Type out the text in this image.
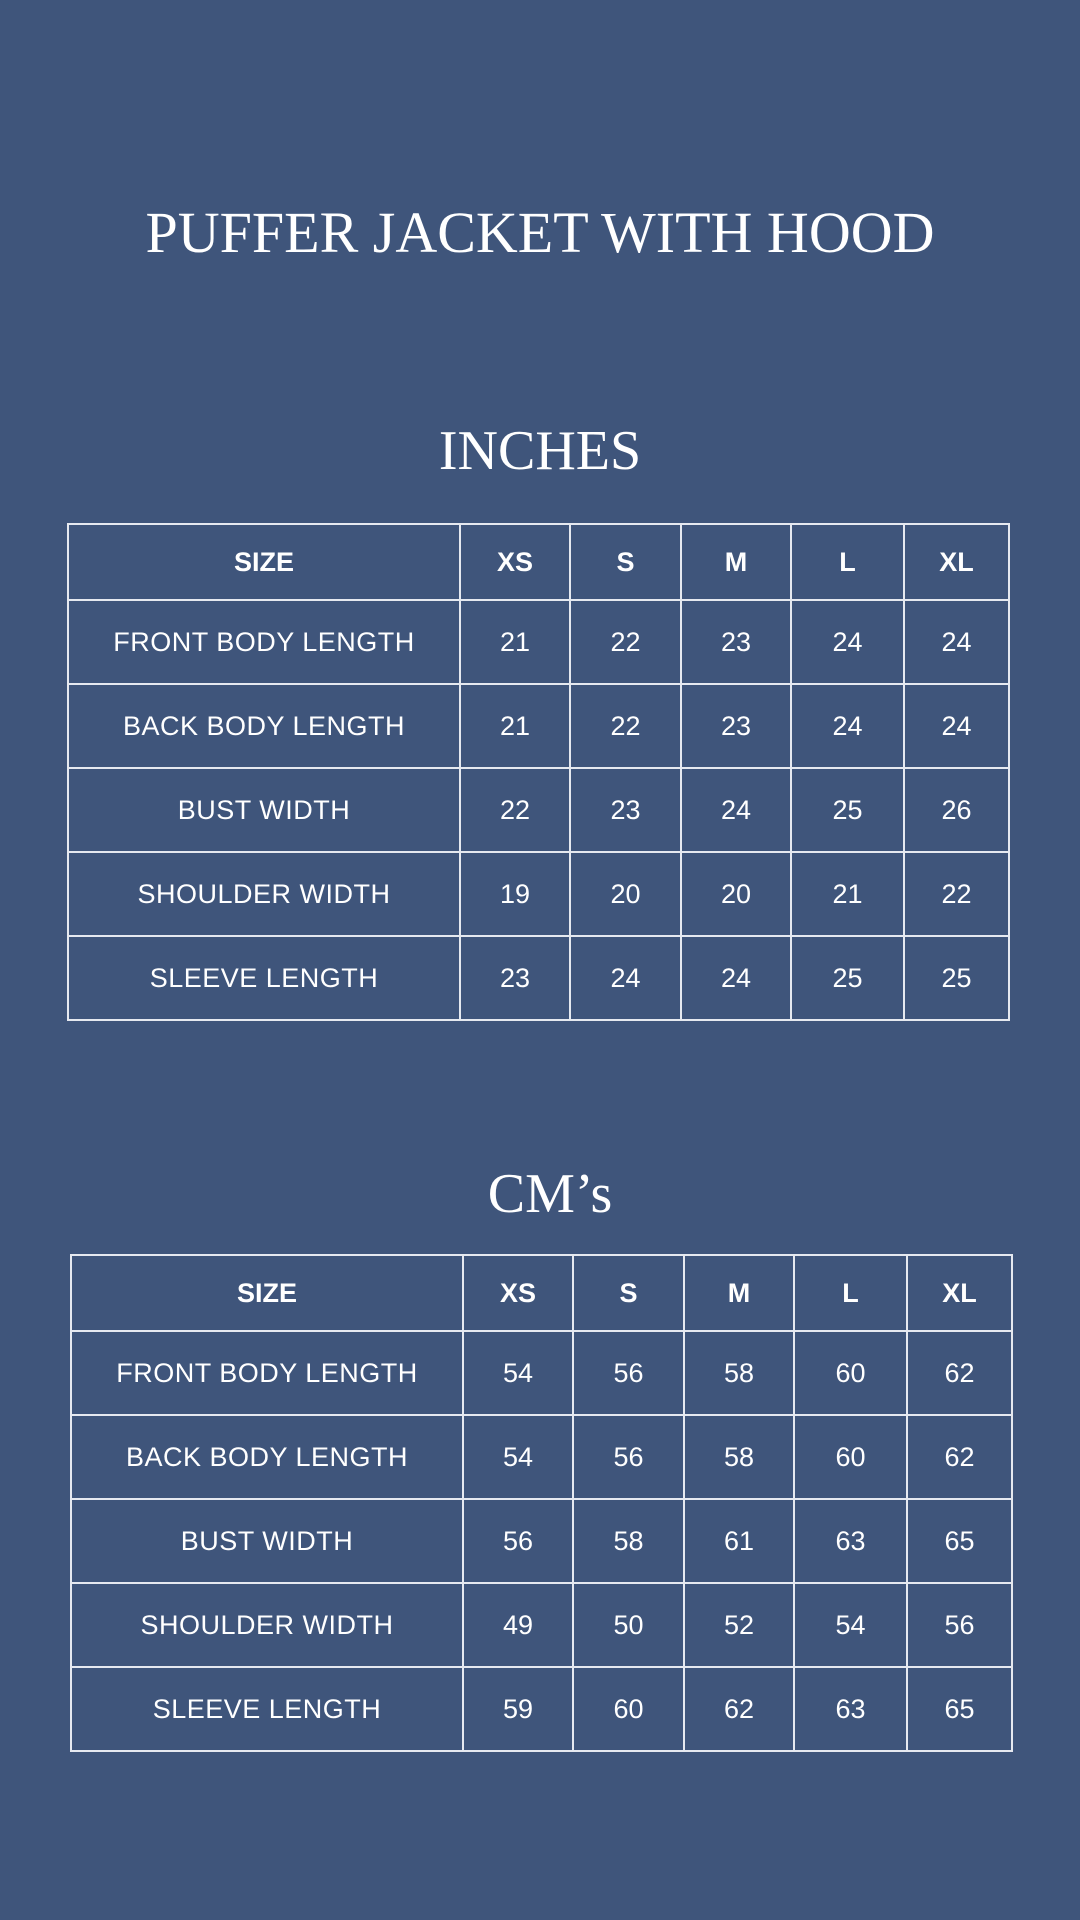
PUFFER JACKET WITH HOOD
INCHES
SIZE	XS	S	M	L	XL
FRONT BODY LENGTH	21	22	23	24	24
BACK BODY LENGTH	21	22	23	24	24
BUST WIDTH	22	23	24	25	26
SHOULDER WIDTH	19	20	20	21	22
SLEEVE LENGTH	23	24	24	25	25
CM’s
SIZE	XS	S	M	L	XL
FRONT BODY LENGTH	54	56	58	60	62
BACK BODY LENGTH	54	56	58	60	62
BUST WIDTH	56	58	61	63	65
SHOULDER WIDTH	49	50	52	54	56
SLEEVE LENGTH	59	60	62	63	65
